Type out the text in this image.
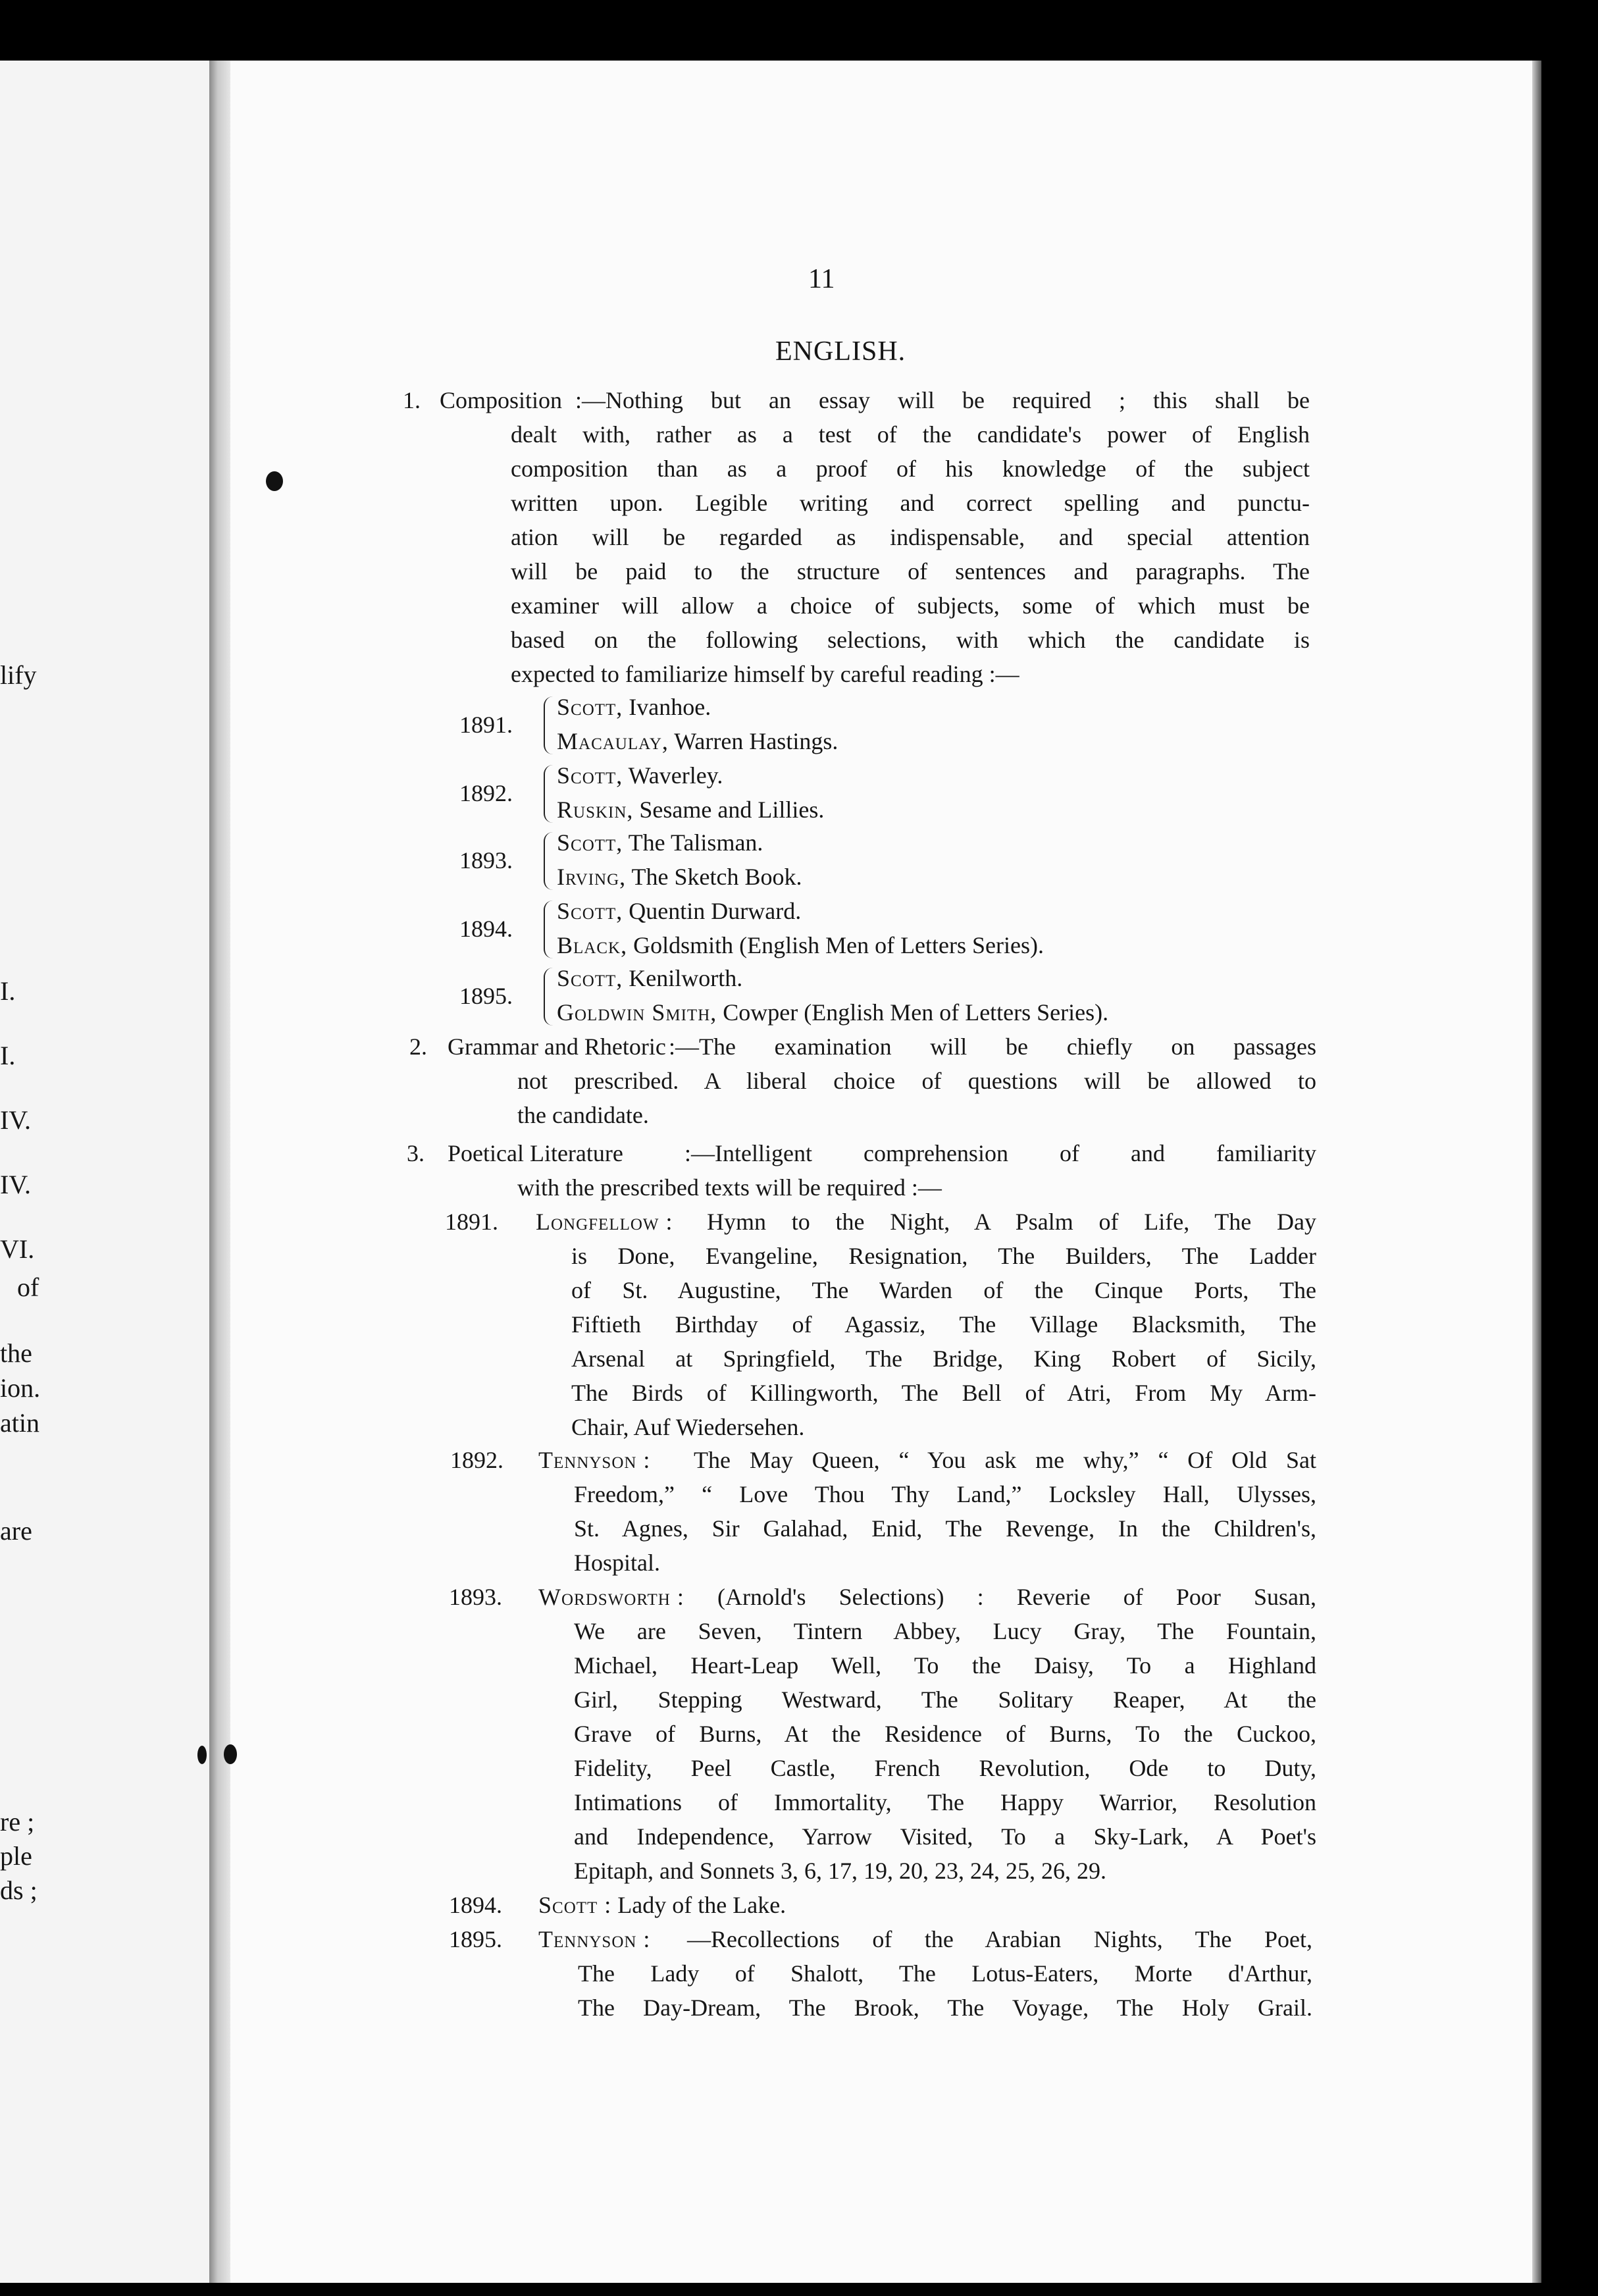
lify
I.
I.
IV.
IV.
VI.
of
the
ion.
atin
are
re ;
ple
ds ;
11
ENGLISH.
1. Composition :—Nothing but an essay will be required ; this shall be
dealt with, rather as a test of the candidate's power of English
composition than as a proof of his knowledge of the subject
written upon. Legible writing and correct spelling and punctu-
ation will be regarded as indispensable, and special attention
will be paid to the structure of sentences and paragraphs. The
examiner will allow a choice of subjects, some of which must be
based on the following selections, with which the candidate is
expected to familiarize himself by careful reading :—
1891.
Scott, Ivanhoe.
Macaulay, Warren Hastings.
1892.
Scott, Waverley.
Ruskin, Sesame and Lillies.
1893.
Scott, The Talisman.
Irving, The Sketch Book.
1894.
Scott, Quentin Durward.
Black, Goldsmith (English Men of Letters Series).
1895.
Scott, Kenilworth.
Goldwin Smith, Cowper (English Men of Letters Series).
2. Grammar and Rhetoric :—The examination will be chiefly on passages
not prescribed. A liberal choice of questions will be allowed to
the candidate.
3. Poetical Literature	:—Intelligent comprehension of and familiarity
with the prescribed texts will be required :—
1891. Longfellow : Hymn to the Night, A Psalm of Life, The Day
is Done, Evangeline, Resignation, The Builders, The Ladder
of St. Augustine, The Warden of the Cinque Ports, The
Fiftieth Birthday of Agassiz, The Village Blacksmith, The
Arsenal at Springfield, The Bridge, King Robert of Sicily,
The Birds of Killingworth, The Bell of Atri, From My Arm-
Chair, Auf Wiedersehen.
1892. Tennyson : The May Queen, “ You ask me why,” “ Of Old Sat
Freedom,” “ Love Thou Thy Land,” Locksley Hall, Ulysses,
St. Agnes, Sir Galahad, Enid, The Revenge, In the Children's,
Hospital.
1893. Wordsworth : (Arnold's Selections) : Reverie of Poor Susan,
We are Seven, Tintern Abbey, Lucy Gray, The Fountain,
Michael, Heart-Leap Well, To the Daisy, To a Highland
Girl, Stepping Westward, The Solitary Reaper, At the
Grave of Burns, At the Residence of Burns, To the Cuckoo,
Fidelity, Peel Castle, French Revolution, Ode to Duty,
Intimations of Immortality, The Happy Warrior, Resolution
and Independence, Yarrow Visited, To a Sky-Lark, A Poet's
Epitaph, and Sonnets 3, 6, 17, 19, 20, 23, 24, 25, 26, 29.
1894. Scott : Lady of the Lake.
1895. Tennyson : —Recollections of the Arabian Nights, The Poet,
The Lady of Shalott, The Lotus-Eaters, Morte d'Arthur,
The Day-Dream, The Brook, The Voyage, The Holy Grail.
